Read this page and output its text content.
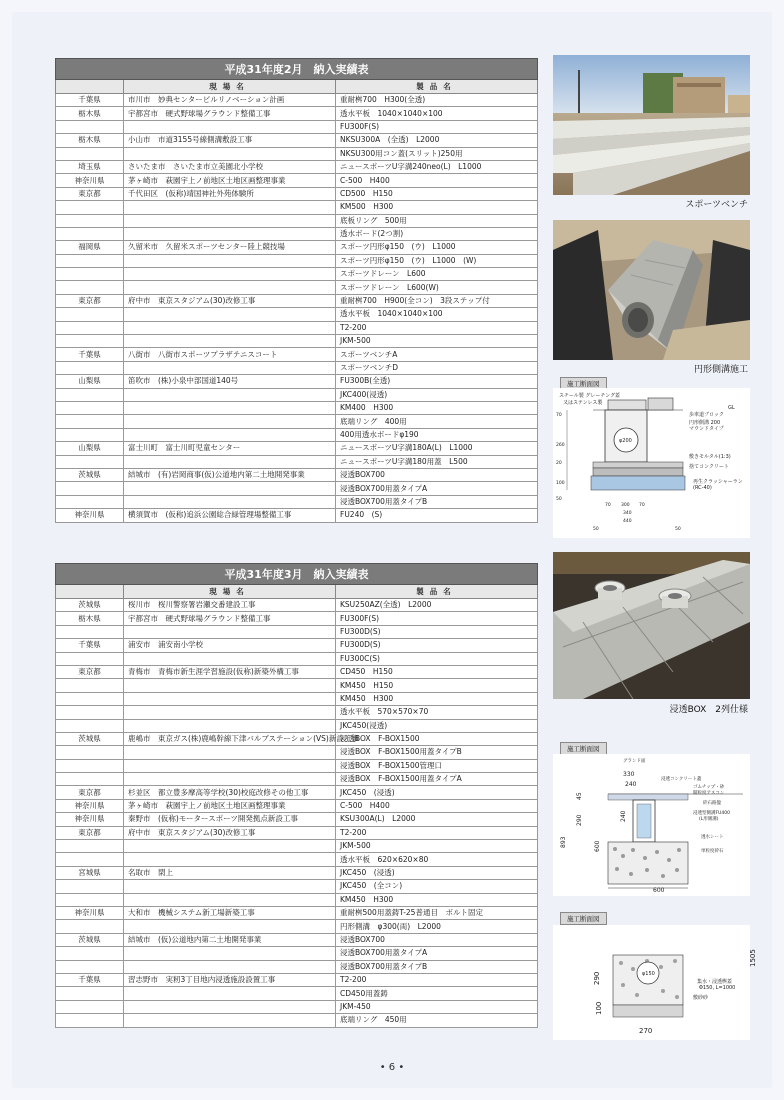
平成31年度2月　納入実績表		
	現場名	製品名
千葉県	市川市　妙典センタービルリノベーション計画	重耐桝700　H300(全透)
栃木県	宇都宮市　硬式野球場グラウンド整備工事	透水平板　1040×1040×100
		FU300F(S)
栃木県	小山市　市道3155号線側溝敷設工事	NKSU300A　(全透)　L2000
		NKSU300用コン蓋(スリット)250用
埼玉県	さいたま市　さいたま市立美園北小学校	ニュースポーツU字溝240neo(L)　L1000
神奈川県	茅ヶ崎市　萩園宇上ノ前地区土地区画整理事業	C-500　H400
東京都	千代田区　(仮称)靖国神社外苑体験所	CD500　H150
		KM500　H300
		底板リング　500用
		透水ボード(2つ割)
福岡県	久留米市　久留米スポーツセンター陸上競技場	スポーツ円形φ150　(ウ)　L1000
		スポーツ円形φ150　(ウ)　L1000　(W)
		スポーツドレーン　L600
		スポーツドレーン　L600(W)
東京都	府中市　東京スタジアム(30)改修工事	重耐桝700　H900(全コン)　3段ステップ付
		透水平板　1040×1040×100
		T2-200
		JKM-500
千葉県	八街市　八街市スポーツプラザテニスコート	スポーツベンチA
		スポーツベンチD
山梨県	笛吹市　(株)小泉中部国道140号	FU300B(全透)
		JKC400(浸透)
		KM400　H300
		底端リング　400用
		400用透水ボードφ190
山梨県	富士川町　富士川町児童センター	ニュースポーツU字溝180A(L)　L1000
		ニュースポーツU字溝180用蓋　L500
茨城県	結城市　(有)岩岡商事(仮)公道地内第二土地開発事業	浸透BOX700
		浸透BOX700用蓋タイプA
		浸透BOX700用蓋タイプB
神奈川県	横須賀市　(仮称)追浜公園総合緑管理場整備工事	FU240　(S)
平成31年度3月　納入実績表		
	現場名	製品名
茨城県	桜川市　桜川警察署岩瀬交番建設工事	KSU250AZ(全透)　L2000
栃木県	宇都宮市　硬式野球場グラウンド整備工事	FU300F(S)
		FU300D(S)
千葉県	浦安市　浦安南小学校	FU300D(S)
		FU300C(S)
東京都	青梅市　青梅市新生涯学習施設(仮称)新築外構工事	CD450　H150
		KM450　H150
		KM450　H300
		透水平板　570×570×70
		JKC450(浸透)
茨城県	鹿嶋市　東京ガス(株)鹿嶋幹線下津バルブステーション(VS)新設工事	浸透BOX　F-BOX1500
		浸透BOX　F-BOX1500用蓋タイプB
		浸透BOX　F-BOX1500管理口
		浸透BOX　F-BOX1500用蓋タイプA
東京都	杉並区　都立豊多摩高等学校(30)校庭改修その他工事	JKC450　(浸透)
神奈川県	茅ヶ崎市　萩園宇上ノ前地区土地区画整理事業	C-500　H400
神奈川県	秦野市　(仮称)モータースポーツ開発拠点新設工事	KSU300A(L)　L2000
東京都	府中市　東京スタジアム(30)改修工事	T2-200
		JKM-500
		透水平板　620×620×80
宮城県	名取市　閖上	JKC450　(浸透)
		JKC450　(全コン)
		KM450　H300
神奈川県	大和市　機械システム新工場新築工事	重耐桝500用蓋鋳T-25普通目　ボルト固定
		円形側溝　φ300(両)　L2000
茨城県	結城市　(仮)公道地内第二土地開発事業	浸透BOX700
		浸透BOX700用蓋タイプA
		浸透BOX700用蓋タイプB
千葉県	習志野市　実籾3丁目地内浸透施設設置工事	T2-200
		CD450用蓋鋳
		JKM-450
		底端リング　450用
スポーツベンチ
円形側溝施工
施工断面図
スチール製 グレーチング蓋
又はステンレス製
GL
歩車道ブロック
円形側溝 200
マウンドタイプ
敷きモルタル(1:3)
捨てコンクリート
再生クラッシャーラン
(RC-40)
φ200
260
70
20
100
50
70 300 70
340
440
50	50
浸透BOX　2列仕様
施工断面図
グランド面
浸透コンクリート蓋
ゴムチップ・砂
開粒度アスコン
砕石路盤
浸透型側溝FU400
(L形側溝)
透水シート
単粒度砕石
330
240
45
290	240
600
893
600
施工断面図
φ150
集水・浸透桝蓋
Φ150, L=1000
敷砂砂
290
1505
100
270
• 6 •
